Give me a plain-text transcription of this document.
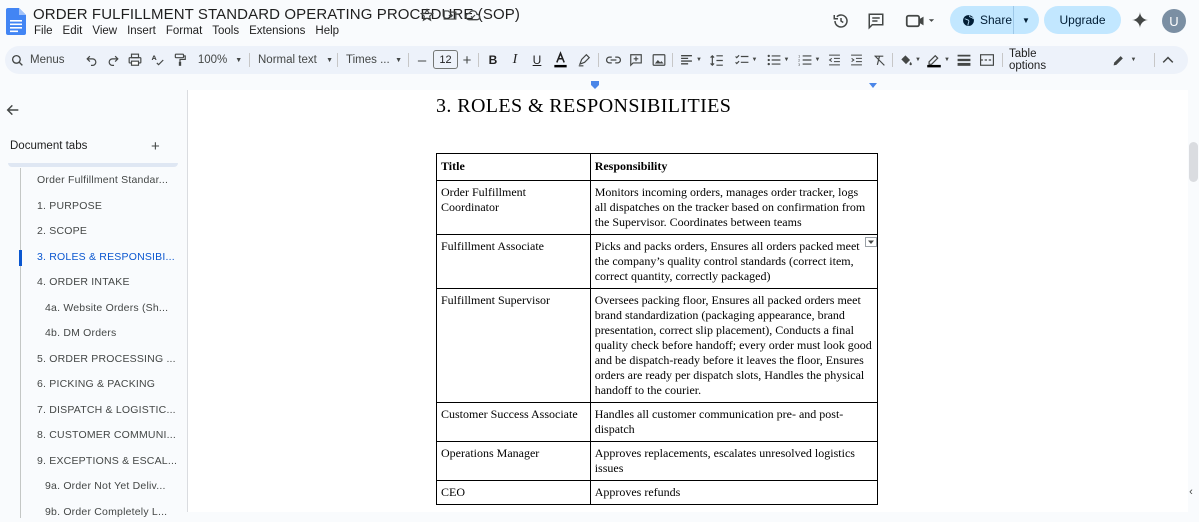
ORDER FULFILLMENT STANDARD OPERATING PROCEDURE (SOP)
File Edit View Insert Format Tools Extensions Help
Share	▼	Upgrade	U
Menus	A	100% ▼ Normal text ▼ Times ... ▼ –	12 +	B	I	U	▼	▼	▼
1
2
3
▼	▼	▼	Table options	▼
Document tabs	+
Order Fulfillment Standar...
1. PURPOSE
2. SCOPE
3. ROLES & RESPONSIBI...
4. ORDER INTAKE
4a. Website Orders (Sh...
4b. DM Orders
5. ORDER PROCESSING ...
6. PICKING & PACKING
7. DISPATCH & LOGISTIC...
8. CUSTOMER COMMUNI...
9. EXCEPTIONS & ESCAL...
9a. Order Not Yet Deliv...
9b. Order Completely L...
3. ROLES & RESPONSIBILITIES
Title	Responsibility
Order Fulfillment Coordinator	Monitors incoming orders, manages order tracker, logs all dispatches on the tracker based on confirmation from the Supervisor. Coordinates between teams
Fulfillment Associate	Picks and packs orders, Ensures all orders packed meet the company’s quality control standards (correct item, correct quantity, correctly packaged)
Fulfillment Supervisor	Oversees packing floor, Ensures all packed orders meet brand standardization (packaging appearance, brand presentation, correct slip placement), Conducts a final quality check before handoff; every order must look good and be dispatch-ready before it leaves the floor, Ensures orders are ready per dispatch slots, Handles the physical handoff to the courier.
Customer Success Associate	Handles all customer communication pre- and post-dispatch
Operations Manager	Approves replacements, escalates unresolved logistics issues
CEO	Approves refunds	‹
